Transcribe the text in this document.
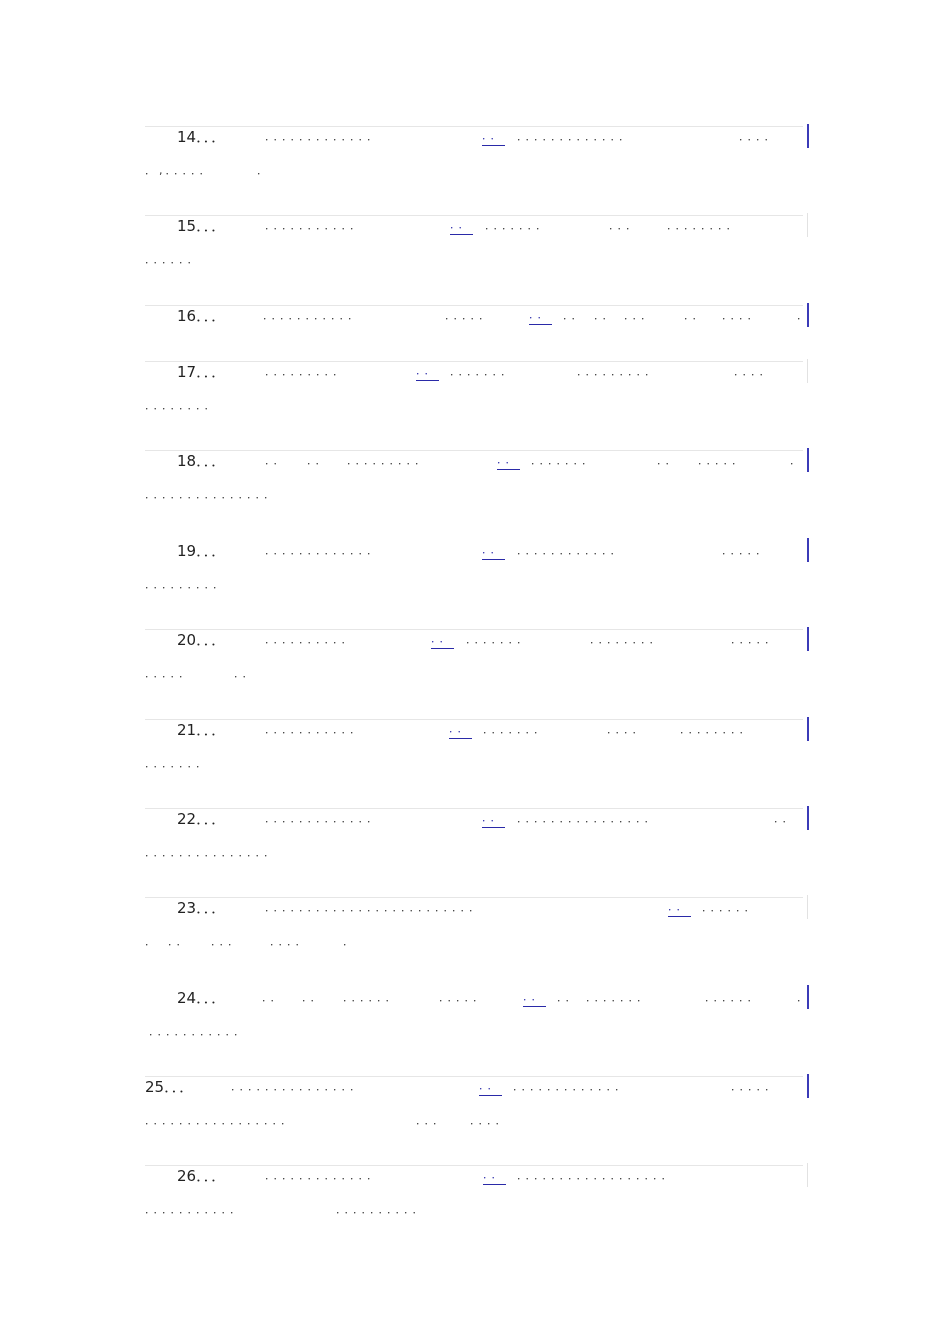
14．．．	．．．．．．．．．．．．．	．． ．．．．．．．．．．．．．	．．．．
．,．．．．．	．
15．．．	．．．．．．．．．．．	．． ．．．．．．．	．．． ．．．．．．．．
．．．．．．
16．．．	．．．．．．．．．．．	．．．．．	．． ．． ．． ．．．	．． ．．．．	．
17．．．	．．．．．．．．．	．． ．．．．．．．	．．．．．．．．．	．．．．
．．．．．．．．
18．．．	．． ．． ．．．．．．．．．	．． ．．．．．．．	．． ．．．．．	．
．．．．．．．．．．．．．．．
19．．．	．．．．．．．．．．．．．	．． ．．．．．．．．．．．．	．．．．．
．．．．．．．．．
20．．．	．．．．．．．．．．	．． ．．．．．．．	．．．．．．．．	．．．．．
．．．．．	．．
21．．．	．．．．．．．．．．．	．． ．．．．．．．	．．．．	．．．．．．．．
．．．．．．．
22．．．	．．．．．．．．．．．．．	．． ．．．．．．．．．．．．．．．．	．．
．．．．．．．．．．．．．．．
23．．．	．．．．．．．．．．．．．．．．．．．．．．．．．	．． ．．．．．．
． ．． ．．．	．．．．	．
24．．．	．． ．． ．．．．．．	．．．．．	．． ．． ．．．．．．．	．．．．．．	．
．．．．．．．．．．．
25．．．	．．．．．．．．．．．．．．．	．． ．．．．．．．．．．．．．	．．．．．
．．．．．．．．．．．．．．．．．	．．． ．．．．
26．．．	．．．．．．．．．．．．．	．． ．．．．．．．．．．．．．．．．．．
．．．．．．．．．．．	．．．．．．．．．．
